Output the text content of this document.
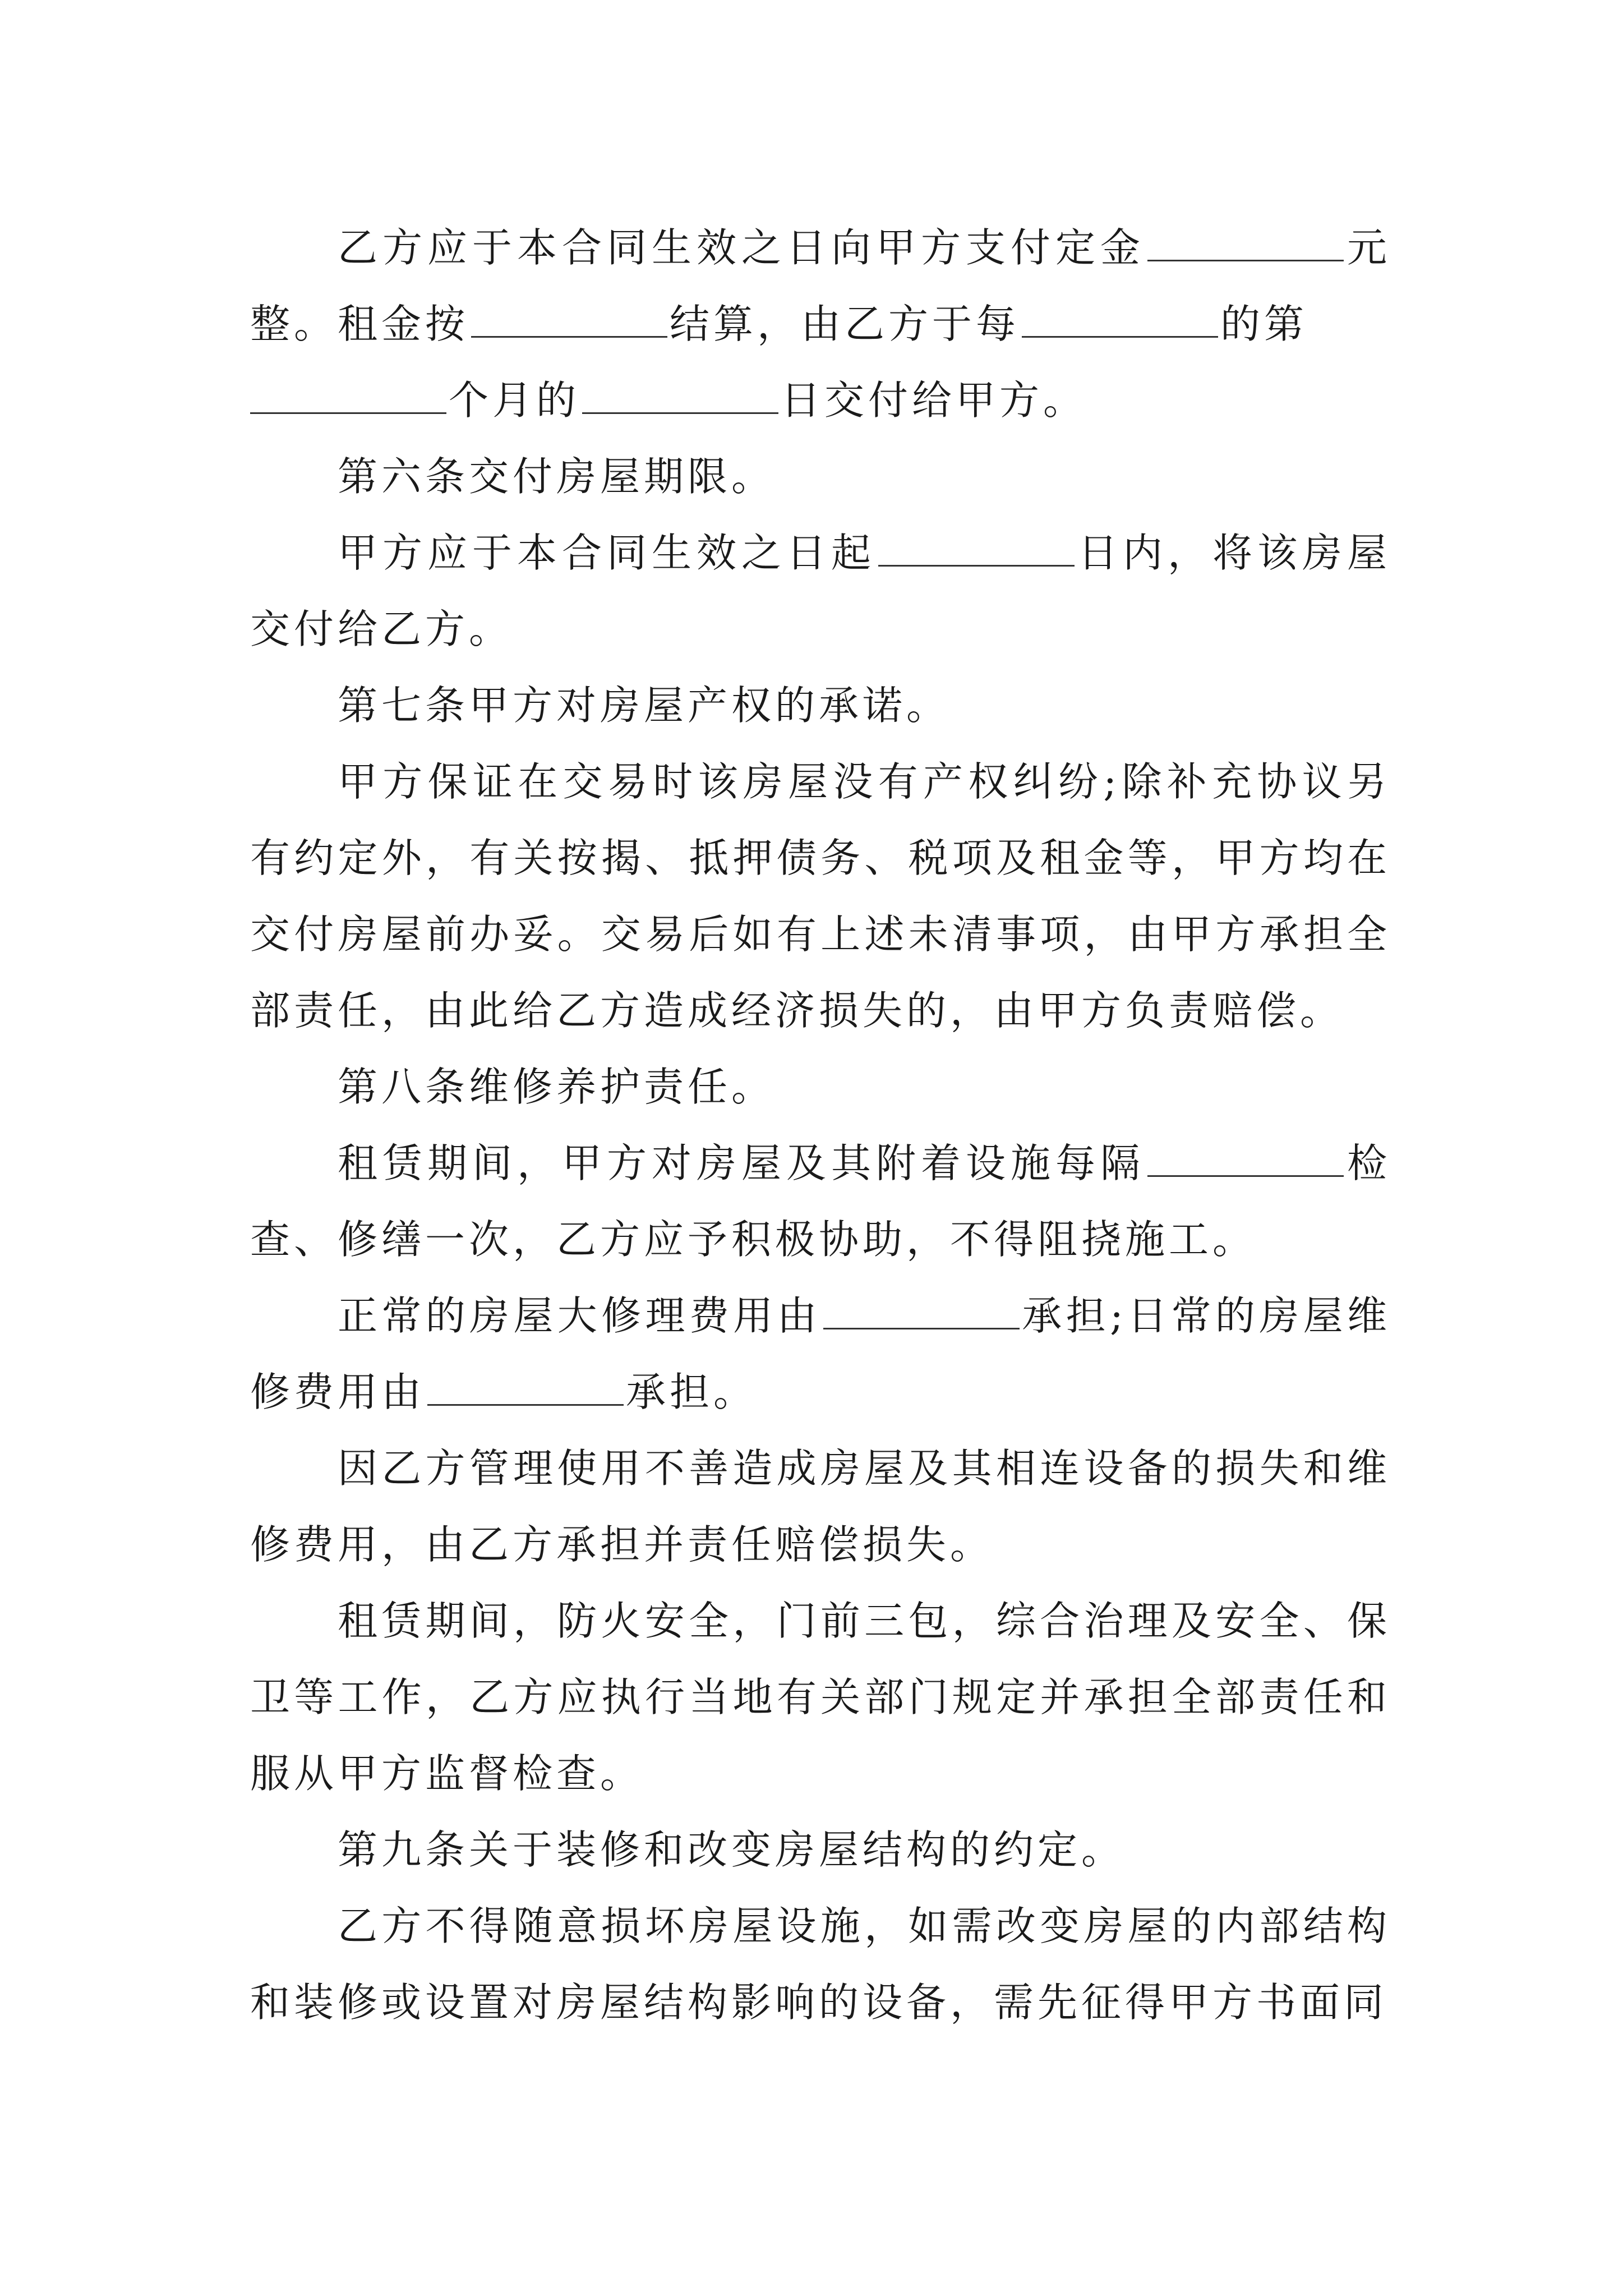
乙方应于本合同生效之日向甲方支付定金	元整。租金按	结算，由乙方于每	的第
个月的	日交付给甲方。

第六条交付房屋期限。

甲方应于本合同生效之日起	日内，将该房屋交付给乙方。

第七条甲方对房屋产权的承诺。

甲方保证在交易时该房屋没有产权纠纷;除补充协议另有约定外，有关按揭、抵押债务、税项及租金等，甲方均在交付房屋前办妥。交易后如有上述未清事项，由甲方承担全部责任，由此给乙方造成经济损失的，由甲方负责赔偿。

第八条维修养护责任。

租赁期间，甲方对房屋及其附着设施每隔	检查、修缮一次，乙方应予积极协助，不得阻挠施工。

正常的房屋大修理费用由	承担;日常的房屋维修费用由	承担。

因乙方管理使用不善造成房屋及其相连设备的损失和维修费用，由乙方承担并责任赔偿损失。

租赁期间，防火安全，门前三包，综合治理及安全、保卫等工作，乙方应执行当地有关部门规定并承担全部责任和服从甲方监督检查。

第九条关于装修和改变房屋结构的约定。

乙方不得随意损坏房屋设施，如需改变房屋的内部结构和装修或设置对房屋结构影响的设备，需先征得甲方书面同
